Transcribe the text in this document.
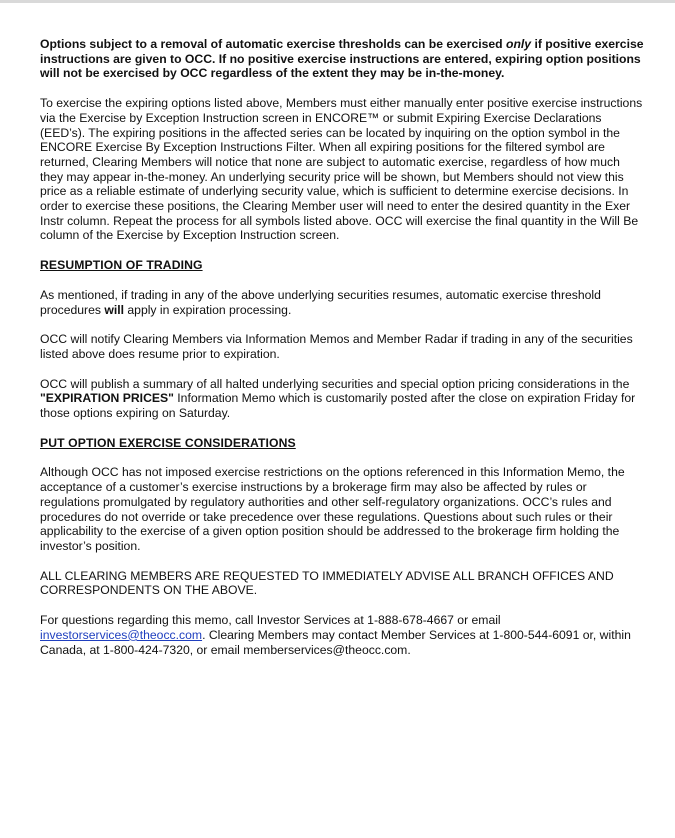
Options subject to a removal of automatic exercise thresholds can be exercised only if positive exercise instructions are given to OCC. If no positive exercise instructions are entered, expiring option positions will not be exercised by OCC regardless of the extent they may be in-the-money.

To exercise the expiring options listed above, Members must either manually enter positive exercise instructions via the Exercise by Exception Instruction screen in ENCORE™ or submit Expiring Exercise Declarations (EED’s). The expiring positions in the affected series can be located by inquiring on the option symbol in the ENCORE Exercise By Exception Instructions Filter. When all expiring positions for the filtered symbol are returned, Clearing Members will notice that none are subject to automatic exercise, regardless of how much they may appear in-the-money. An underlying security price will be shown, but Members should not view this price as a reliable estimate of underlying security value, which is sufficient to determine exercise decisions. In order to exercise these positions, the Clearing Member user will need to enter the desired quantity in the Exer Instr column. Repeat the process for all symbols listed above. OCC will exercise the final quantity in the Will Be column of the Exercise by Exception Instruction screen.

RESUMPTION OF TRADING

As mentioned, if trading in any of the above underlying securities resumes, automatic exercise threshold procedures will apply in expiration processing.

OCC will notify Clearing Members via Information Memos and Member Radar if trading in any of the securities listed above does resume prior to expiration.

OCC will publish a summary of all halted underlying securities and special option pricing considerations in the "EXPIRATION PRICES" Information Memo which is customarily posted after the close on expiration Friday for those options expiring on Saturday.

PUT OPTION EXERCISE CONSIDERATIONS

Although OCC has not imposed exercise restrictions on the options referenced in this Information Memo, the acceptance of a customer’s exercise instructions by a brokerage firm may also be affected by rules or regulations promulgated by regulatory authorities and other self-regulatory organizations. OCC’s rules and procedures do not override or take precedence over these regulations. Questions about such rules or their applicability to the exercise of a given option position should be addressed to the brokerage firm holding the investor’s position.

ALL CLEARING MEMBERS ARE REQUESTED TO IMMEDIATELY ADVISE ALL BRANCH OFFICES AND CORRESPONDENTS ON THE ABOVE.

For questions regarding this memo, call Investor Services at 1-888-678-4667 or email investorservices@theocc.com. Clearing Members may contact Member Services at 1-800-544-6091 or, within Canada, at 1-800-424-7320, or email memberservices@theocc.com.
